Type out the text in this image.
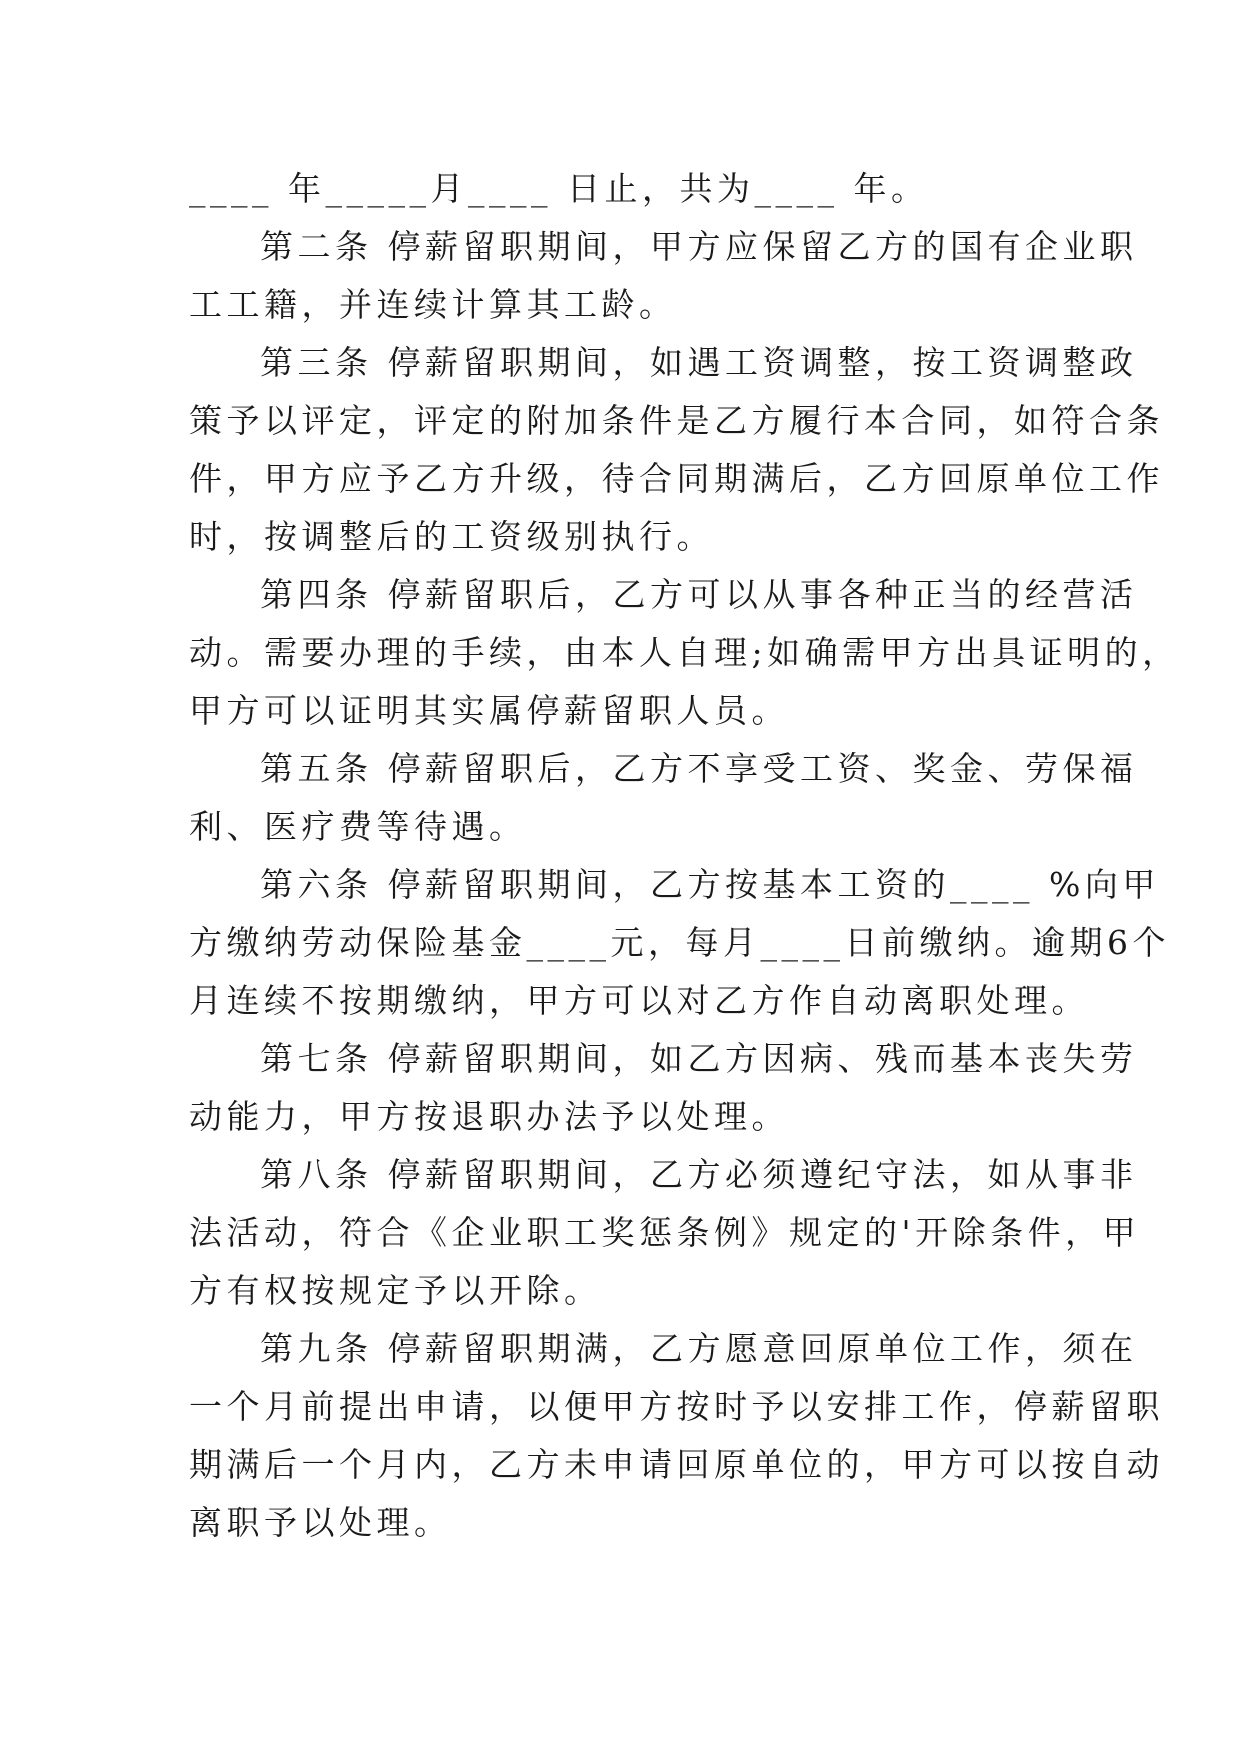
____ 年_____月____ 日止，共为____ 年。
第二条 停薪留职期间，甲方应保留乙方的国有企业职
工工籍，并连续计算其工龄。
第三条 停薪留职期间，如遇工资调整，按工资调整政
策予以评定，评定的附加条件是乙方履行本合同，如符合条
件，甲方应予乙方升级，待合同期满后，乙方回原单位工作
时，按调整后的工资级别执行。
第四条 停薪留职后，乙方可以从事各种正当的经营活
动。需要办理的手续，由本人自理;如确需甲方出具证明的，
甲方可以证明其实属停薪留职人员。
第五条 停薪留职后，乙方不享受工资、奖金、劳保福
利、医疗费等待遇。
第六条 停薪留职期间，乙方按基本工资的____ %向甲
方缴纳劳动保险基金____元，每月____日前缴纳。逾期6个
月连续不按期缴纳，甲方可以对乙方作自动离职处理。
第七条 停薪留职期间，如乙方因病、残而基本丧失劳
动能力，甲方按退职办法予以处理。
第八条 停薪留职期间，乙方必须遵纪守法，如从事非
法活动，符合《企业职工奖惩条例》规定的'开除条件，甲
方有权按规定予以开除。
第九条 停薪留职期满，乙方愿意回原单位工作，须在
一个月前提出申请，以便甲方按时予以安排工作，停薪留职
期满后一个月内，乙方未申请回原单位的，甲方可以按自动
离职予以处理。
